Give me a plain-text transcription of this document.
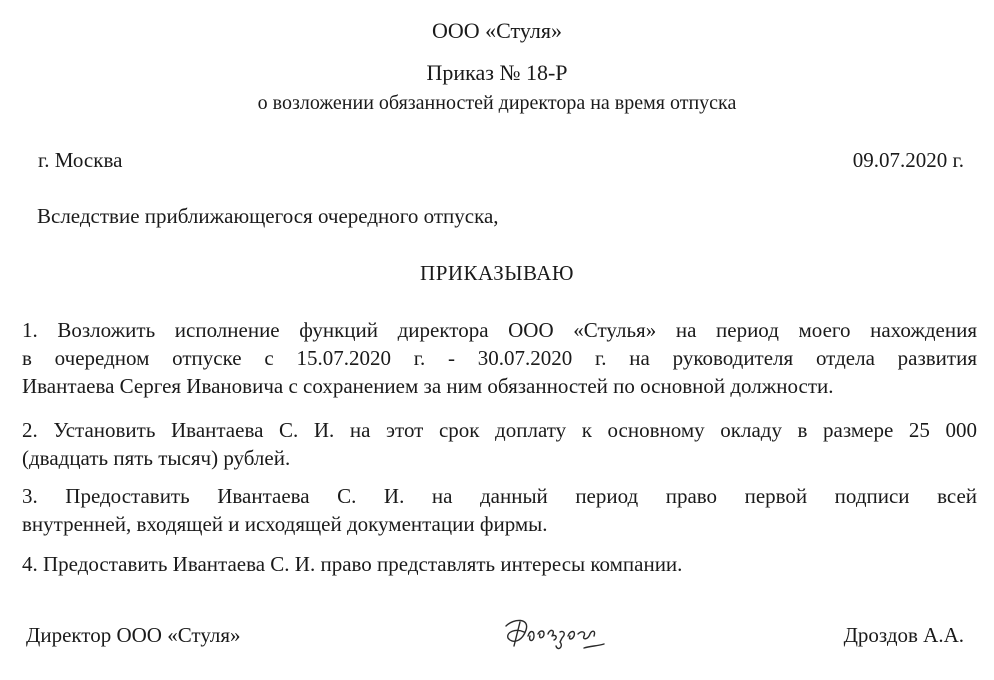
ООО «Стуля»
Приказ № 18-Р
о возложении обязанностей директора на время отпуска
г. Москва	09.07.2020 г.
Вследствие приближающегося очередного отпуска,
ПРИКАЗЫВАЮ
1. Возложить исполнение функций директора ООО «Стулья» на период моего нахождения
в очередном отпуске с 15.07.2020 г. - 30.07.2020 г. на руководителя отдела развития
Ивантаева Сергея Ивановича с сохранением за ним обязанностей по основной должности.
2. Установить Ивантаева С. И. на этот срок доплату к основному окладу в размере 25 000
(двадцать пять тысяч) рублей.
3. Предоставить Ивантаева С. И. на данный период право первой подписи всей
внутренней, входящей и исходящей документации фирмы.
4. Предоставить Ивантаева С. И. право представлять интересы компании.
Директор ООО «Стуля»	Дроздов А.А.
